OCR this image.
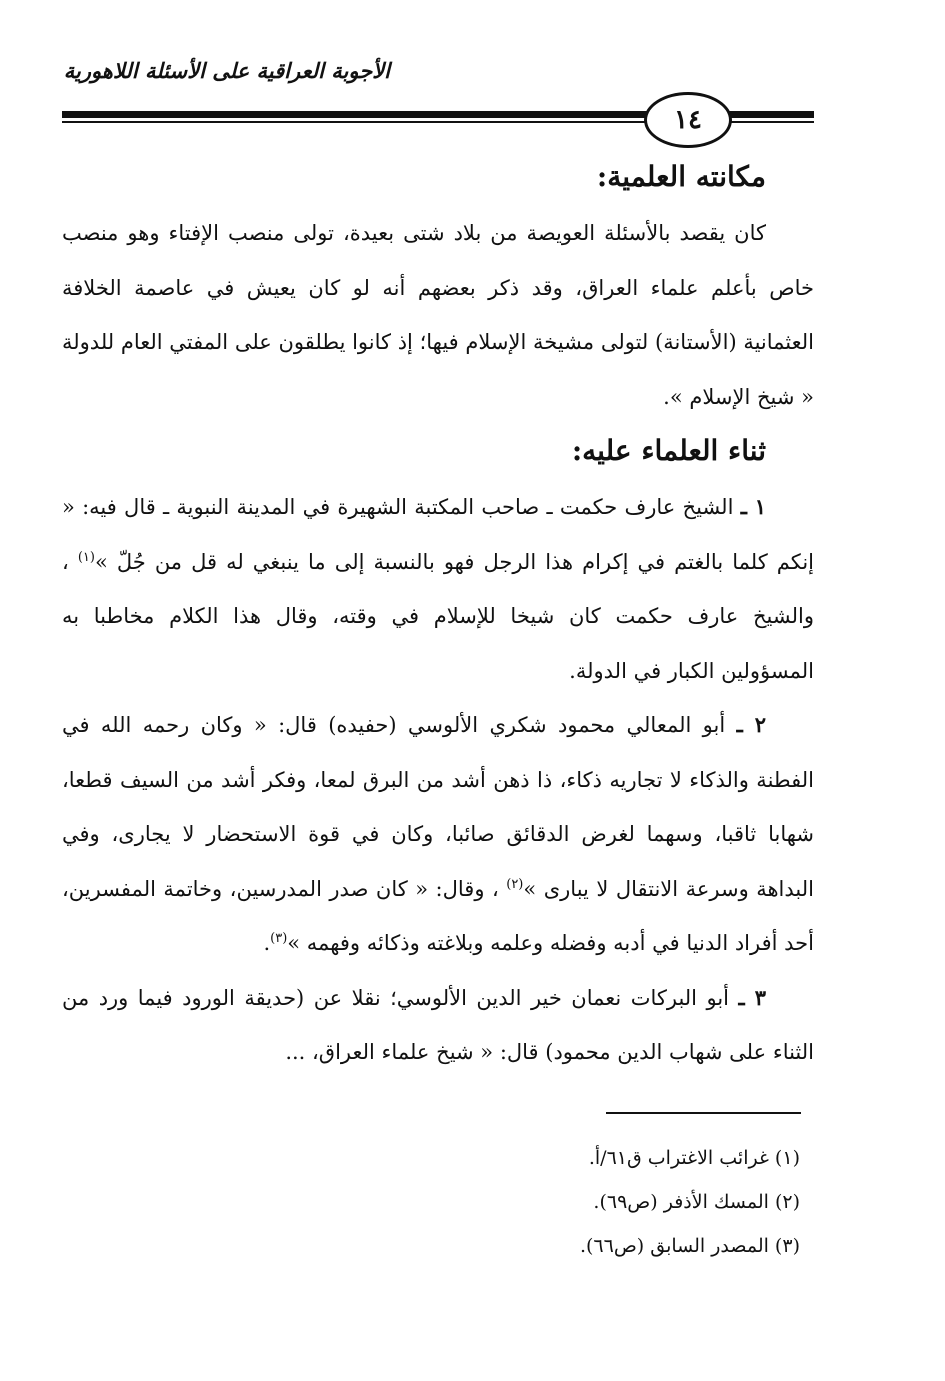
الأجوبة العراقية على الأسئلة اللاهورية
١٤
مكانته العلمية:

كان يقصد بالأسئلة العويصة من بلاد شتى بعيدة، تولى منصب الإفتاء وهو منصب خاص بأعلم علماء العراق، وقد ذكر بعضهم أنه لو كان يعيش في عاصمة الخلافة العثمانية (الأستانة) لتولى مشيخة الإسلام فيها؛ إذ كانوا يطلقون على المفتي العام للدولة « شيخ الإسلام ».

ثناء العلماء عليه:

١ ـ الشيخ عارف حكمت ـ صاحب المكتبة الشهيرة في المدينة النبوية ـ قال فيه: « إنكم كلما بالغتم في إكرام هذا الرجل فهو بالنسبة إلى ما ينبغي له قل من جُلّ »$^{(١)}$ ، والشيخ عارف حكمت كان شيخا للإسلام في وقته، وقال هذا الكلام مخاطبا به المسؤولين الكبار في الدولة.

٢ ـ أبو المعالي محمود شكري الألوسي (حفيده) قال: « وكان رحمه الله في الفطنة والذكاء لا تجاريه ذكاء، ذا ذهن أشد من البرق لمعا، وفكر أشد من السيف قطعا، شهابا ثاقبا، وسهما لغرض الدقائق صائبا، وكان في قوة الاستحضار لا يجارى، وفي البداهة وسرعة الانتقال لا يبارى »$^{(٢)}$ ، وقال: « كان صدر المدرسين، وخاتمة المفسرين، أحد أفراد الدنيا في أدبه وفضله وعلمه وبلاغته وذكائه وفهمه »$^{(٣)}$.

٣ ـ أبو البركات نعمان خير الدين الألوسي؛ نقلا عن (حديقة الورود فيما ورد من الثناء على شهاب الدين محمود) قال: « شيخ علماء العراق، ...

(١) غرائب الاغتراب ق٦١/أ.
(٢) المسك الأذفر (ص٦٩).
(٣) المصدر السابق (ص٦٦).
